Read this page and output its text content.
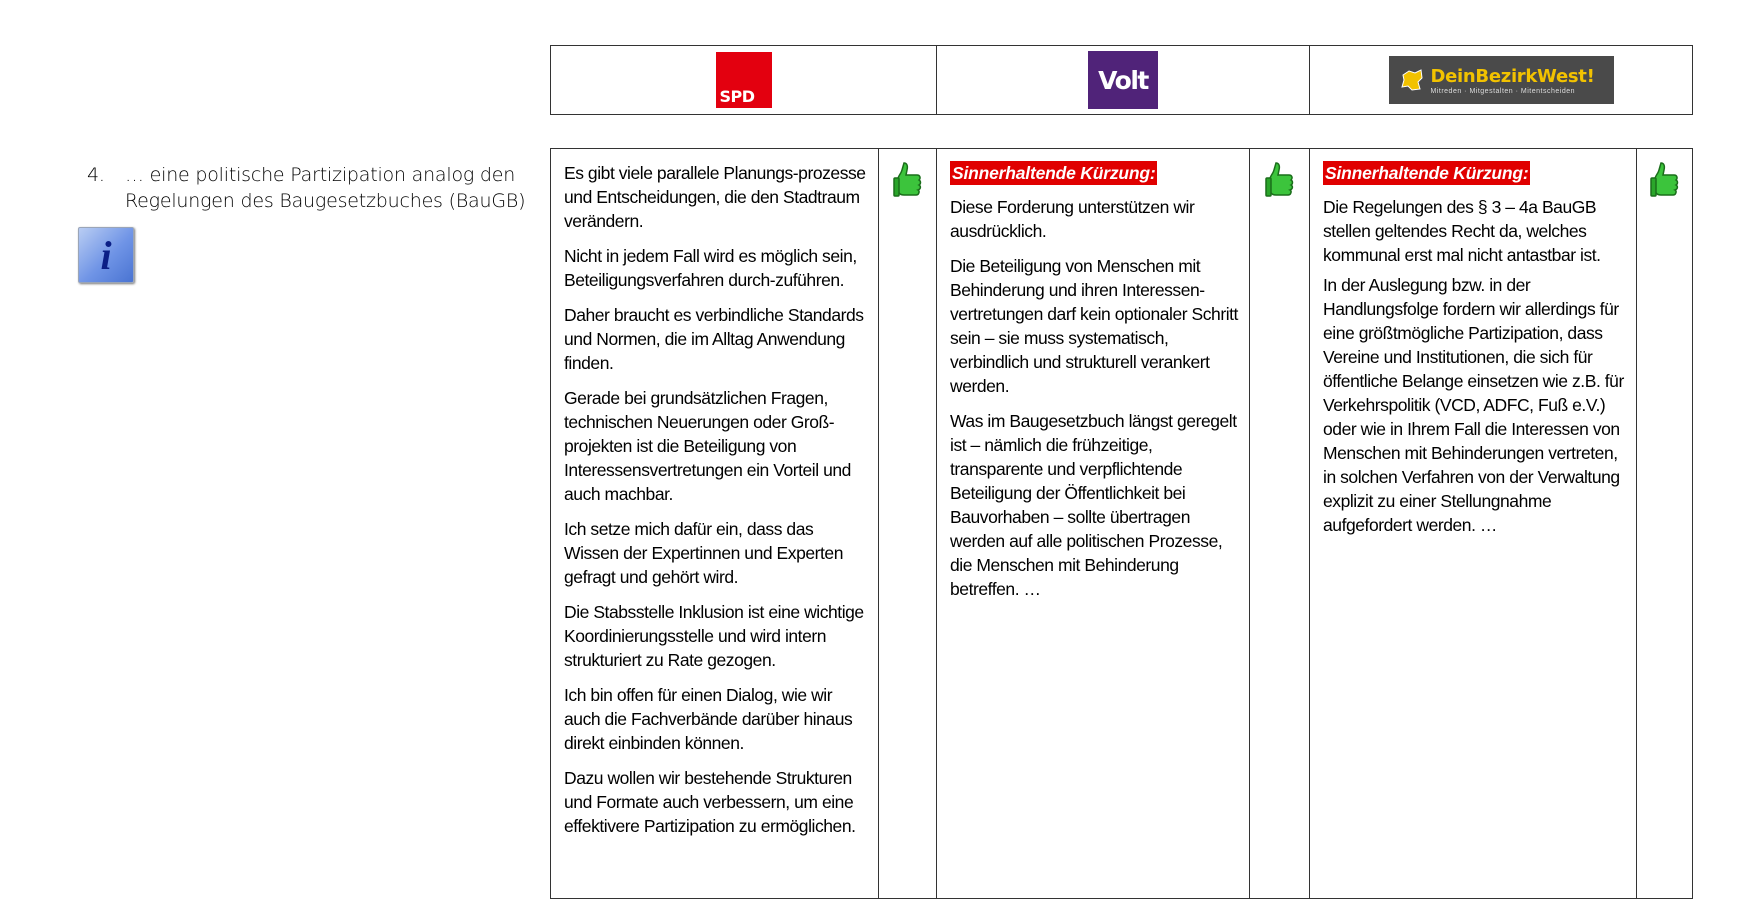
SPD
Volt	DeinBezirkWest!
Mitreden · Mitgestalten · Mitentscheiden
4. … eine politische Partizipation analog den Regelungen des Baugesetzbuches (BauGB)
i

Es gibt viele parallele Planungs-prozesse und Entscheidungen, die den Stadtraum verändern.

Nicht in jedem Fall wird es möglich sein, Beteiligungsverfahren durch-zuführen.

Daher braucht es verbindliche Standards und Normen, die im Alltag Anwendung finden.

Gerade bei grundsätzlichen Fragen, technischen Neuerungen oder Groß-projekten ist die Beteiligung von Interessensvertretungen ein Vorteil und auch machbar.

Ich setze mich dafür ein, dass das Wissen der Expertinnen und Experten gefragt und gehört wird.

Die Stabsstelle Inklusion ist eine wichtige Koordinierungsstelle und wird intern strukturiert zu Rate gezogen.

Ich bin offen für einen Dialog, wie wir auch die Fachverbände darüber hinaus direkt einbinden können.

Dazu wollen wir bestehende Strukturen und Formate auch verbessern, um eine effektivere Partizipation zu ermöglichen.

Sinnerhaltende Kürzung:

Diese Forderung unterstützen wir ausdrücklich.

Die Beteiligung von Menschen mit Behinderung und ihren Interessen-vertretungen darf kein optionaler Schritt sein – sie muss systematisch, verbindlich und strukturell verankert werden.

Was im Baugesetzbuch längst geregelt ist – nämlich die frühzeitige, transparente und verpflichtende Beteiligung der Öffentlichkeit bei Bauvorhaben – sollte übertragen werden auf alle politischen Prozesse, die Menschen mit Behinderung betreffen. …

Sinnerhaltende Kürzung:

Die Regelungen des § 3 – 4a BauGB stellen geltendes Recht da, welches kommunal erst mal nicht antastbar ist.

In der Auslegung bzw. in der Handlungsfolge fordern wir allerdings für eine größtmögliche Partizipation, dass Vereine und Institutionen, die sich für öffentliche Belange einsetzen wie z.B. für Verkehrspolitik (VCD, ADFC, Fuß e.V.) oder wie in Ihrem Fall die Interessen von Menschen mit Behinderungen vertreten, in solchen Verfahren von der Verwaltung explizit zu einer Stellungnahme aufgefordert werden. …
